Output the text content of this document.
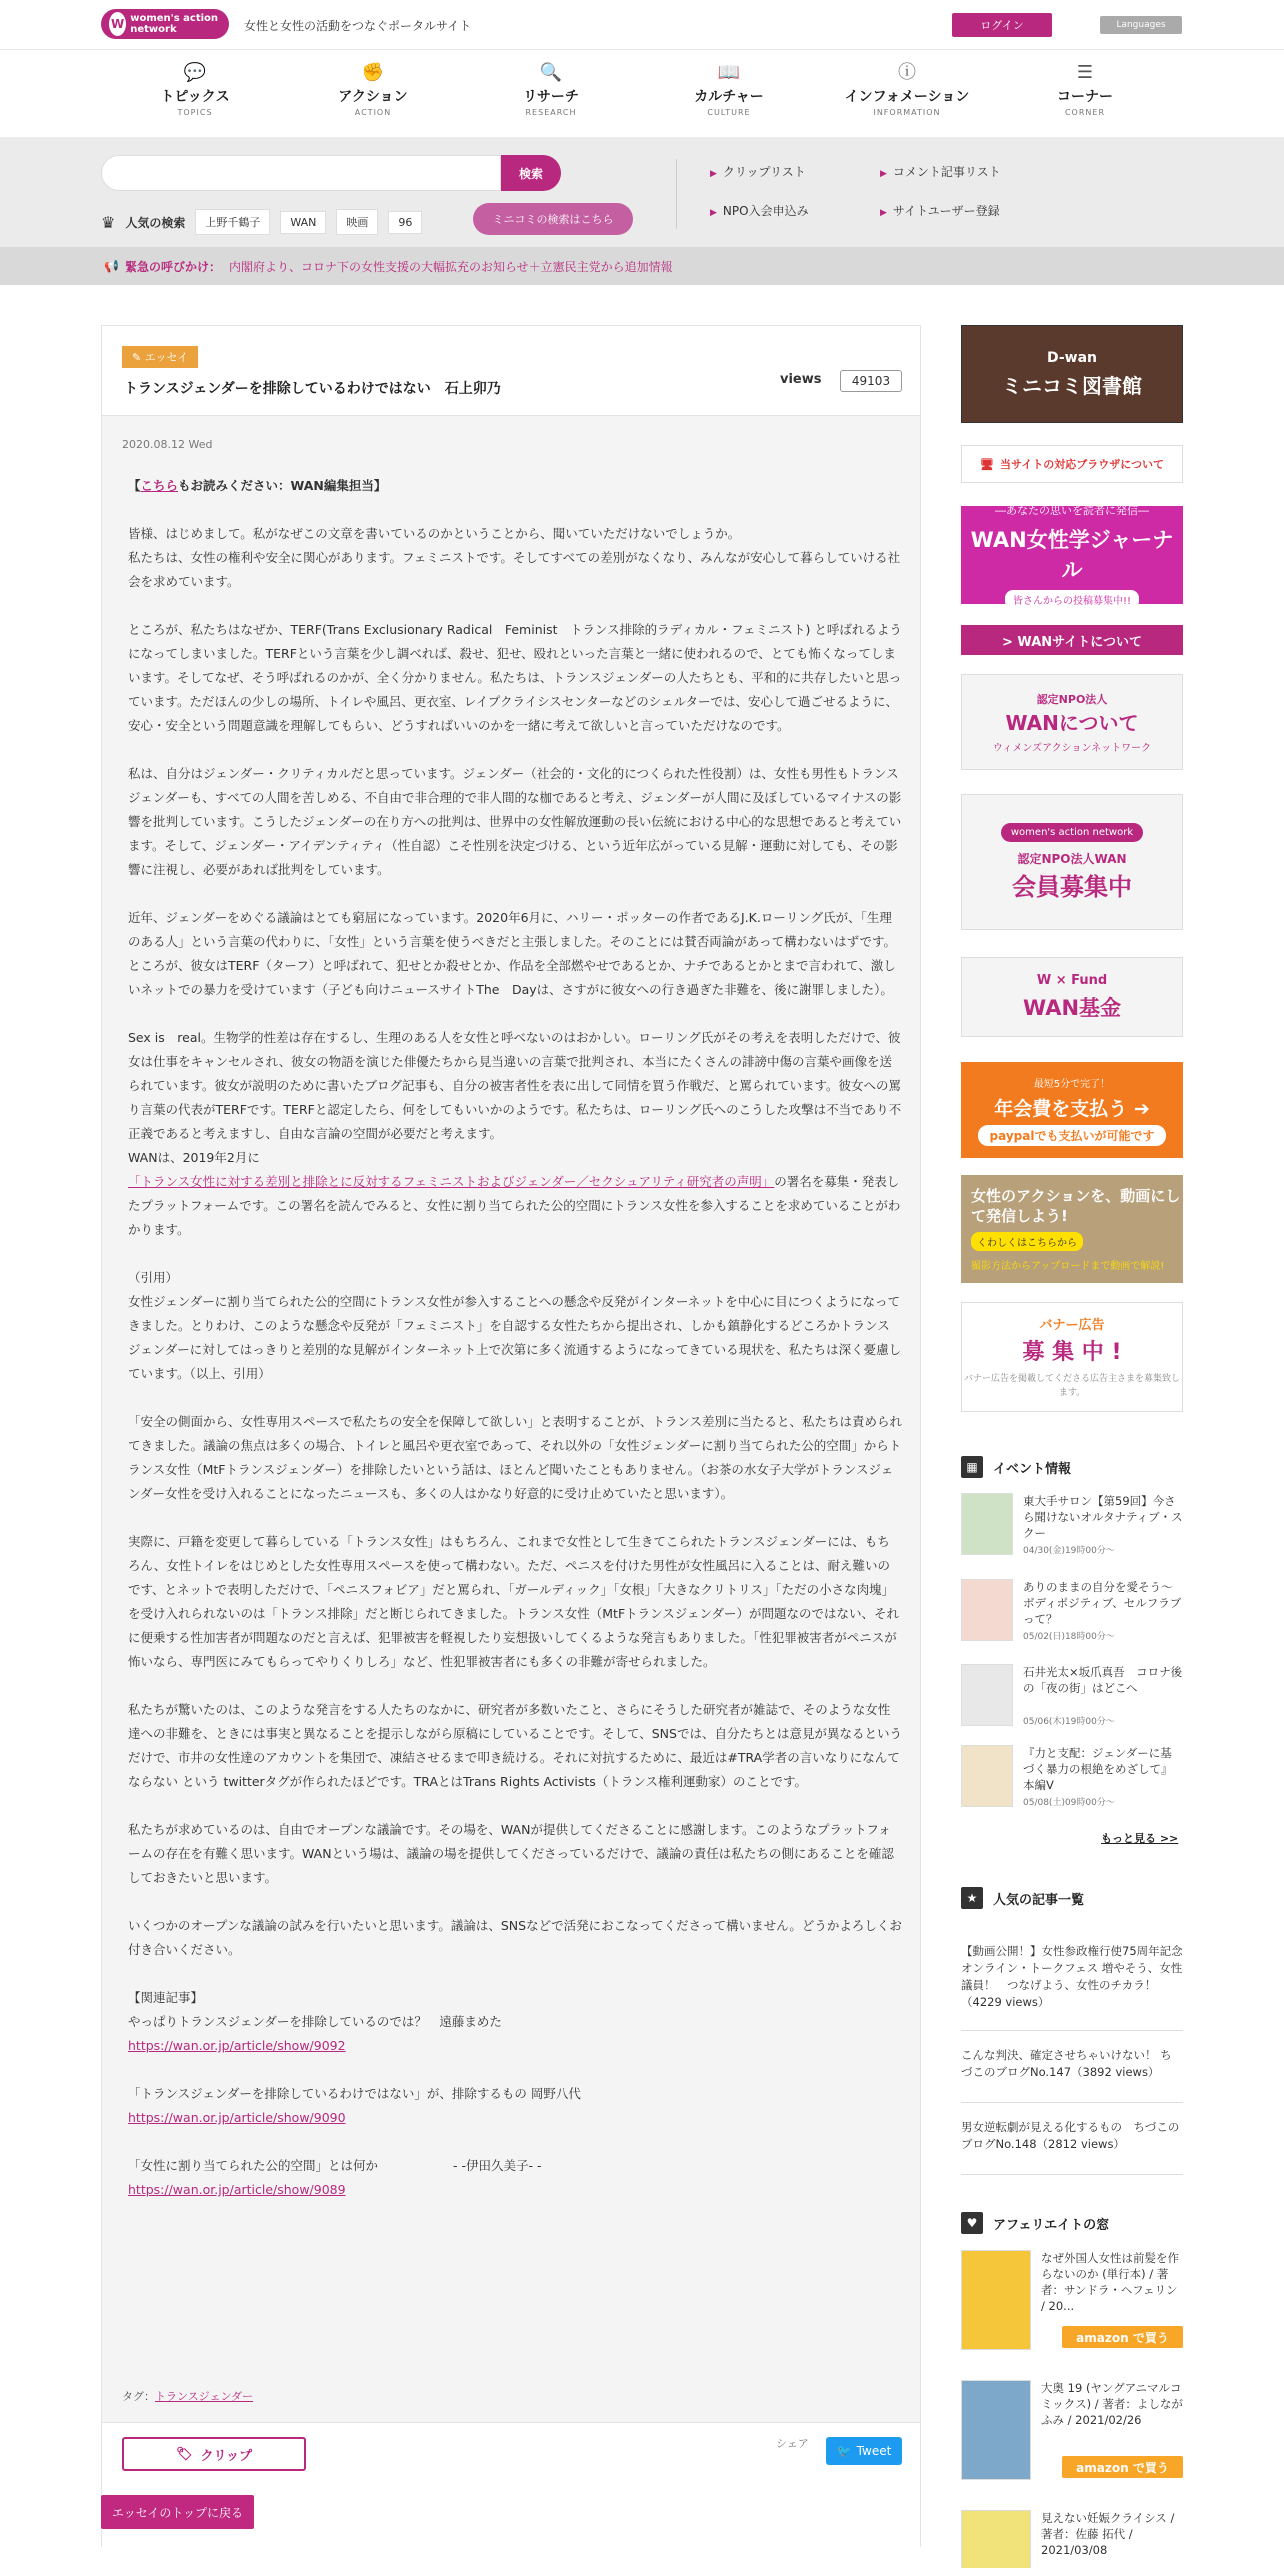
W women's action network	女性と女性の活動をつなぐポータルサイト	ログイン	Languages
💬
トピックス
TOPICS
✊
アクション
ACTION
🔍
リサーチ
RESEARCH
📖
カルチャー
CULTURE
ⓘ
インフォメーション
INFORMATION
☰
コーナー
CORNER
検索
♛ 人気の検索	上野千鶴子	WAN	映画	96	ミニコミの検索はこちら
▶ クリップリスト	▶ コメント記事リスト
▶ NPO入会申込み	▶ サイトユーザー登録
📢 緊急の呼びかけ： 内閣府より、コロナ下の女性支援の大幅拡充のお知らせ＋立憲民主党から追加情報
✎ エッセイ
トランスジェンダーを排除しているわけではない　石上卯乃
views	49103
2020.08.12 Wed

【こちらもお読みください：WAN編集担当】

皆様、はじめまして。私がなぜこの文章を書いているのかということから、聞いていただけないでしょうか。
私たちは、女性の権利や安全に関心があります。フェミニストです。そしてすべての差別がなくなり、みんなが安心して暮らしていける社会を求めています。

ところが、私たちはなぜか、TERF(Trans Exclusionary Radical　Feminist　トランス排除的ラディカル・フェミニスト) と呼ばれるようになってしまいました。TERFという言葉を少し調べれば、殺せ、犯せ、殴れといった言葉と一緒に使われるので、とても怖くなってしまいます。そしてなぜ、そう呼ばれるのかが、全く分かりません。私たちは、トランスジェンダーの人たちとも、平和的に共存したいと思っています。ただほんの少しの場所、トイレや風呂、更衣室、レイプクライシスセンターなどのシェルターでは、安心して過ごせるように、安心・安全という問題意識を理解してもらい、どうすればいいのかを一緒に考えて欲しいと言っていただけなのです。

私は、自分はジェンダー・クリティカルだと思っています。ジェンダー（社会的・文化的につくられた性役割）は、女性も男性もトランスジェンダーも、すべての人間を苦しめる、不自由で非合理的で非人間的な枷であると考え、ジェンダーが人間に及ぼしているマイナスの影響を批判しています。こうしたジェンダーの在り方への批判は、世界中の女性解放運動の長い伝統における中心的な思想であると考えています。そして、ジェンダー・アイデンティティ（性自認）こそ性別を決定づける、という近年広がっている見解・運動に対しても、その影響に注視し、必要があれば批判をしています。

近年、ジェンダーをめぐる議論はとても窮屈になっています。2020年6月に、ハリー・ポッターの作者であるJ.K.ローリング氏が、「生理のある人」という言葉の代わりに、「女性」という言葉を使うべきだと主張しました。そのことには賛否両論があって構わないはずです。ところが、彼女はTERF（ターフ）と呼ばれて、犯せとか殺せとか、作品を全部燃やせであるとか、ナチであるとかとまで言われて、激しいネットでの暴力を受けています（子ども向けニュースサイトThe　Dayは、さすがに彼女への行き過ぎた非難を、後に謝罪しました）。

Sex is　real。生物学的性差は存在するし、生理のある人を女性と呼べないのはおかしい。ローリング氏がその考えを表明しただけで、彼女は仕事をキャンセルされ、彼女の物語を演じた俳優たちから見当違いの言葉で批判され、本当にたくさんの誹謗中傷の言葉や画像を送られています。彼女が説明のために書いたブログ記事も、自分の被害者性を表に出して同情を買う作戦だ、と罵られています。彼女への罵り言葉の代表がTERFです。TERFと認定したら、何をしてもいいかのようです。私たちは、ローリング氏へのこうした攻撃は不当であり不正義であると考えますし、自由な言論の空間が必要だと考えます。

WANは、2019年2月に
「トランス女性に対する差別と排除とに反対するフェミニストおよびジェンダー／セクシュアリティ研究者の声明」の署名を募集・発表したプラットフォームです。この署名を読んでみると、女性に割り当てられた公的空間にトランス女性を参入することを求めていることがわかります。

（引用）
女性ジェンダーに割り当てられた公的空間にトランス女性が参入することへの懸念や反発がインターネットを中心に目につくようになってきました。とりわけ、このような懸念や反発が「フェミニスト」を自認する女性たちから提出され、しかも鎮静化するどころかトランスジェンダーに対してはっきりと差別的な見解がインターネット上で次第に多く流通するようになってきている現状を、私たちは深く憂慮しています。（以上、引用）

「安全の側面から、女性専用スペースで私たちの安全を保障して欲しい」と表明することが、トランス差別に当たると、私たちは責められてきました。議論の焦点は多くの場合、トイレと風呂や更衣室であって、それ以外の「女性ジェンダーに割り当てられた公的空間」からトランス女性（MtFトランスジェンダー）を排除したいという話は、ほとんど聞いたこともありません。（お茶の水女子大学がトランスジェンダー女性を受け入れることになったニュースも、多くの人はかなり好意的に受け止めていたと思います）。

実際に、戸籍を変更して暮らしている「トランス女性」はもちろん、これまで女性として生きてこられたトランスジェンダーには、もちろん、女性トイレをはじめとした女性専用スペースを使って構わない。ただ、ペニスを付けた男性が女性風呂に入ることは、耐え難いのです、とネットで表明しただけで、「ペニスフォビア」だと罵られ、「ガールディック」「女根」「大きなクリトリス」「ただの小さな肉塊」を受け入れられないのは「トランス排除」だと断じられてきました。トランス女性（MtFトランスジェンダー）が問題なのではない、それに便乗する性加害者が問題なのだと言えば、犯罪被害を軽視したり妄想扱いしてくるような発言もありました。「性犯罪被害者がペニスが怖いなら、専門医にみてもらってやりくりしろ」など、性犯罪被害者にも多くの非難が寄せられました。

私たちが驚いたのは、このような発言をする人たちのなかに、研究者が多数いたこと、さらにそうした研究者が雑誌で、そのような女性達への非難を、ときには事実と異なることを提示しながら原稿にしていることです。そして、SNSでは、自分たちとは意見が異なるというだけで、市井の女性達のアカウントを集団で、凍結させるまで叩き続ける。それに対抗するために、最近は#TRA学者の言いなりになんてならない という twitterタグが作られたほどです。TRAとはTrans Rights Activists（トランス権利運動家）のことです。

私たちが求めているのは、自由でオープンな議論です。その場を、WANが提供してくださることに感謝します。このようなプラットフォームの存在を有難く思います。WANという場は、議論の場を提供してくださっているだけで、議論の責任は私たちの側にあることを確認しておきたいと思います。

いくつかのオープンな議論の試みを行いたいと思います。議論は、SNSなどで活発におこなってくださって構いません。どうかよろしくお付き合いください。

【関連記事】
やっぱりトランスジェンダーを排除しているのでは？　遠藤まめた
https://wan.or.jp/article/show/9092

「トランスジェンダーを排除しているわけではない」が、排除するもの 岡野八代
https://wan.or.jp/article/show/9090

「女性に割り当てられた公的空間」とは何か　　　　　　- -伊田久美子- -
https://wan.or.jp/article/show/9089

タグ：トランスジェンダー
🏷 クリップ
シェア
🐦 Tweet
エッセイのトップに戻る
D-wan
ミニコミ図書館
🖥 当サイトの対応ブラウザについて
―あなたの思いを読者に発信―
WAN女性学ジャーナル
皆さんからの投稿募集中!!
> WANサイトについて
認定NPO法人
WANについて
ウィメンズアクションネットワーク
women's action network
認定NPO法人WAN
会員募集中
W × Fund
WAN基金
最短5分で完了！
年会費を支払う ➔
paypalでも支払いが可能です
女性のアクションを、動画にして発信しよう!
くわしくはこちらから
撮影方法からアップロードまで動画で解説!
バナー広告
募 集 中 !
バナー広告を掲載してくださる広告主さまを募集致します。
▦	イベント情報
東大手サロン【第59回】今さら聞けないオルタナティブ・スクー
04/30(金)19時00分～
ありのままの自分を愛そう〜ボディポジティブ、セルフラブって？
05/02(日)18時00分～
石井光太×坂爪真吾　コロナ後の「夜の街」はどこへ
05/06(木)19時00分～
『力と支配：ジェンダーに基づく暴力の根絶をめざして』　本編V
05/08(土)09時00分～
もっと見る >>
★	人気の記事一覧
【動画公開！】女性参政権行使75周年記念　オンライン・トークフェス 増やそう、女性議員！　つなげよう、女性のチカラ！（4229 views）
こんな判決、確定させちゃいけない！ ちづこのブログNo.147（3892 views）
男女逆転劇が見える化するもの　ちづこのブログNo.148（2812 views）
♥	アフェリエイトの窓
なぜ外国人女性は前髪を作らないのか (単行本) / 著者：サンドラ・ヘフェリン / 20...
amazon で買う
大奥 19 (ヤングアニマルコミックス) / 著者：よしながふみ / 2021/02/26
amazon で買う
見えない妊娠クライシス / 著者：佐藤 拓代 / 2021/03/08
